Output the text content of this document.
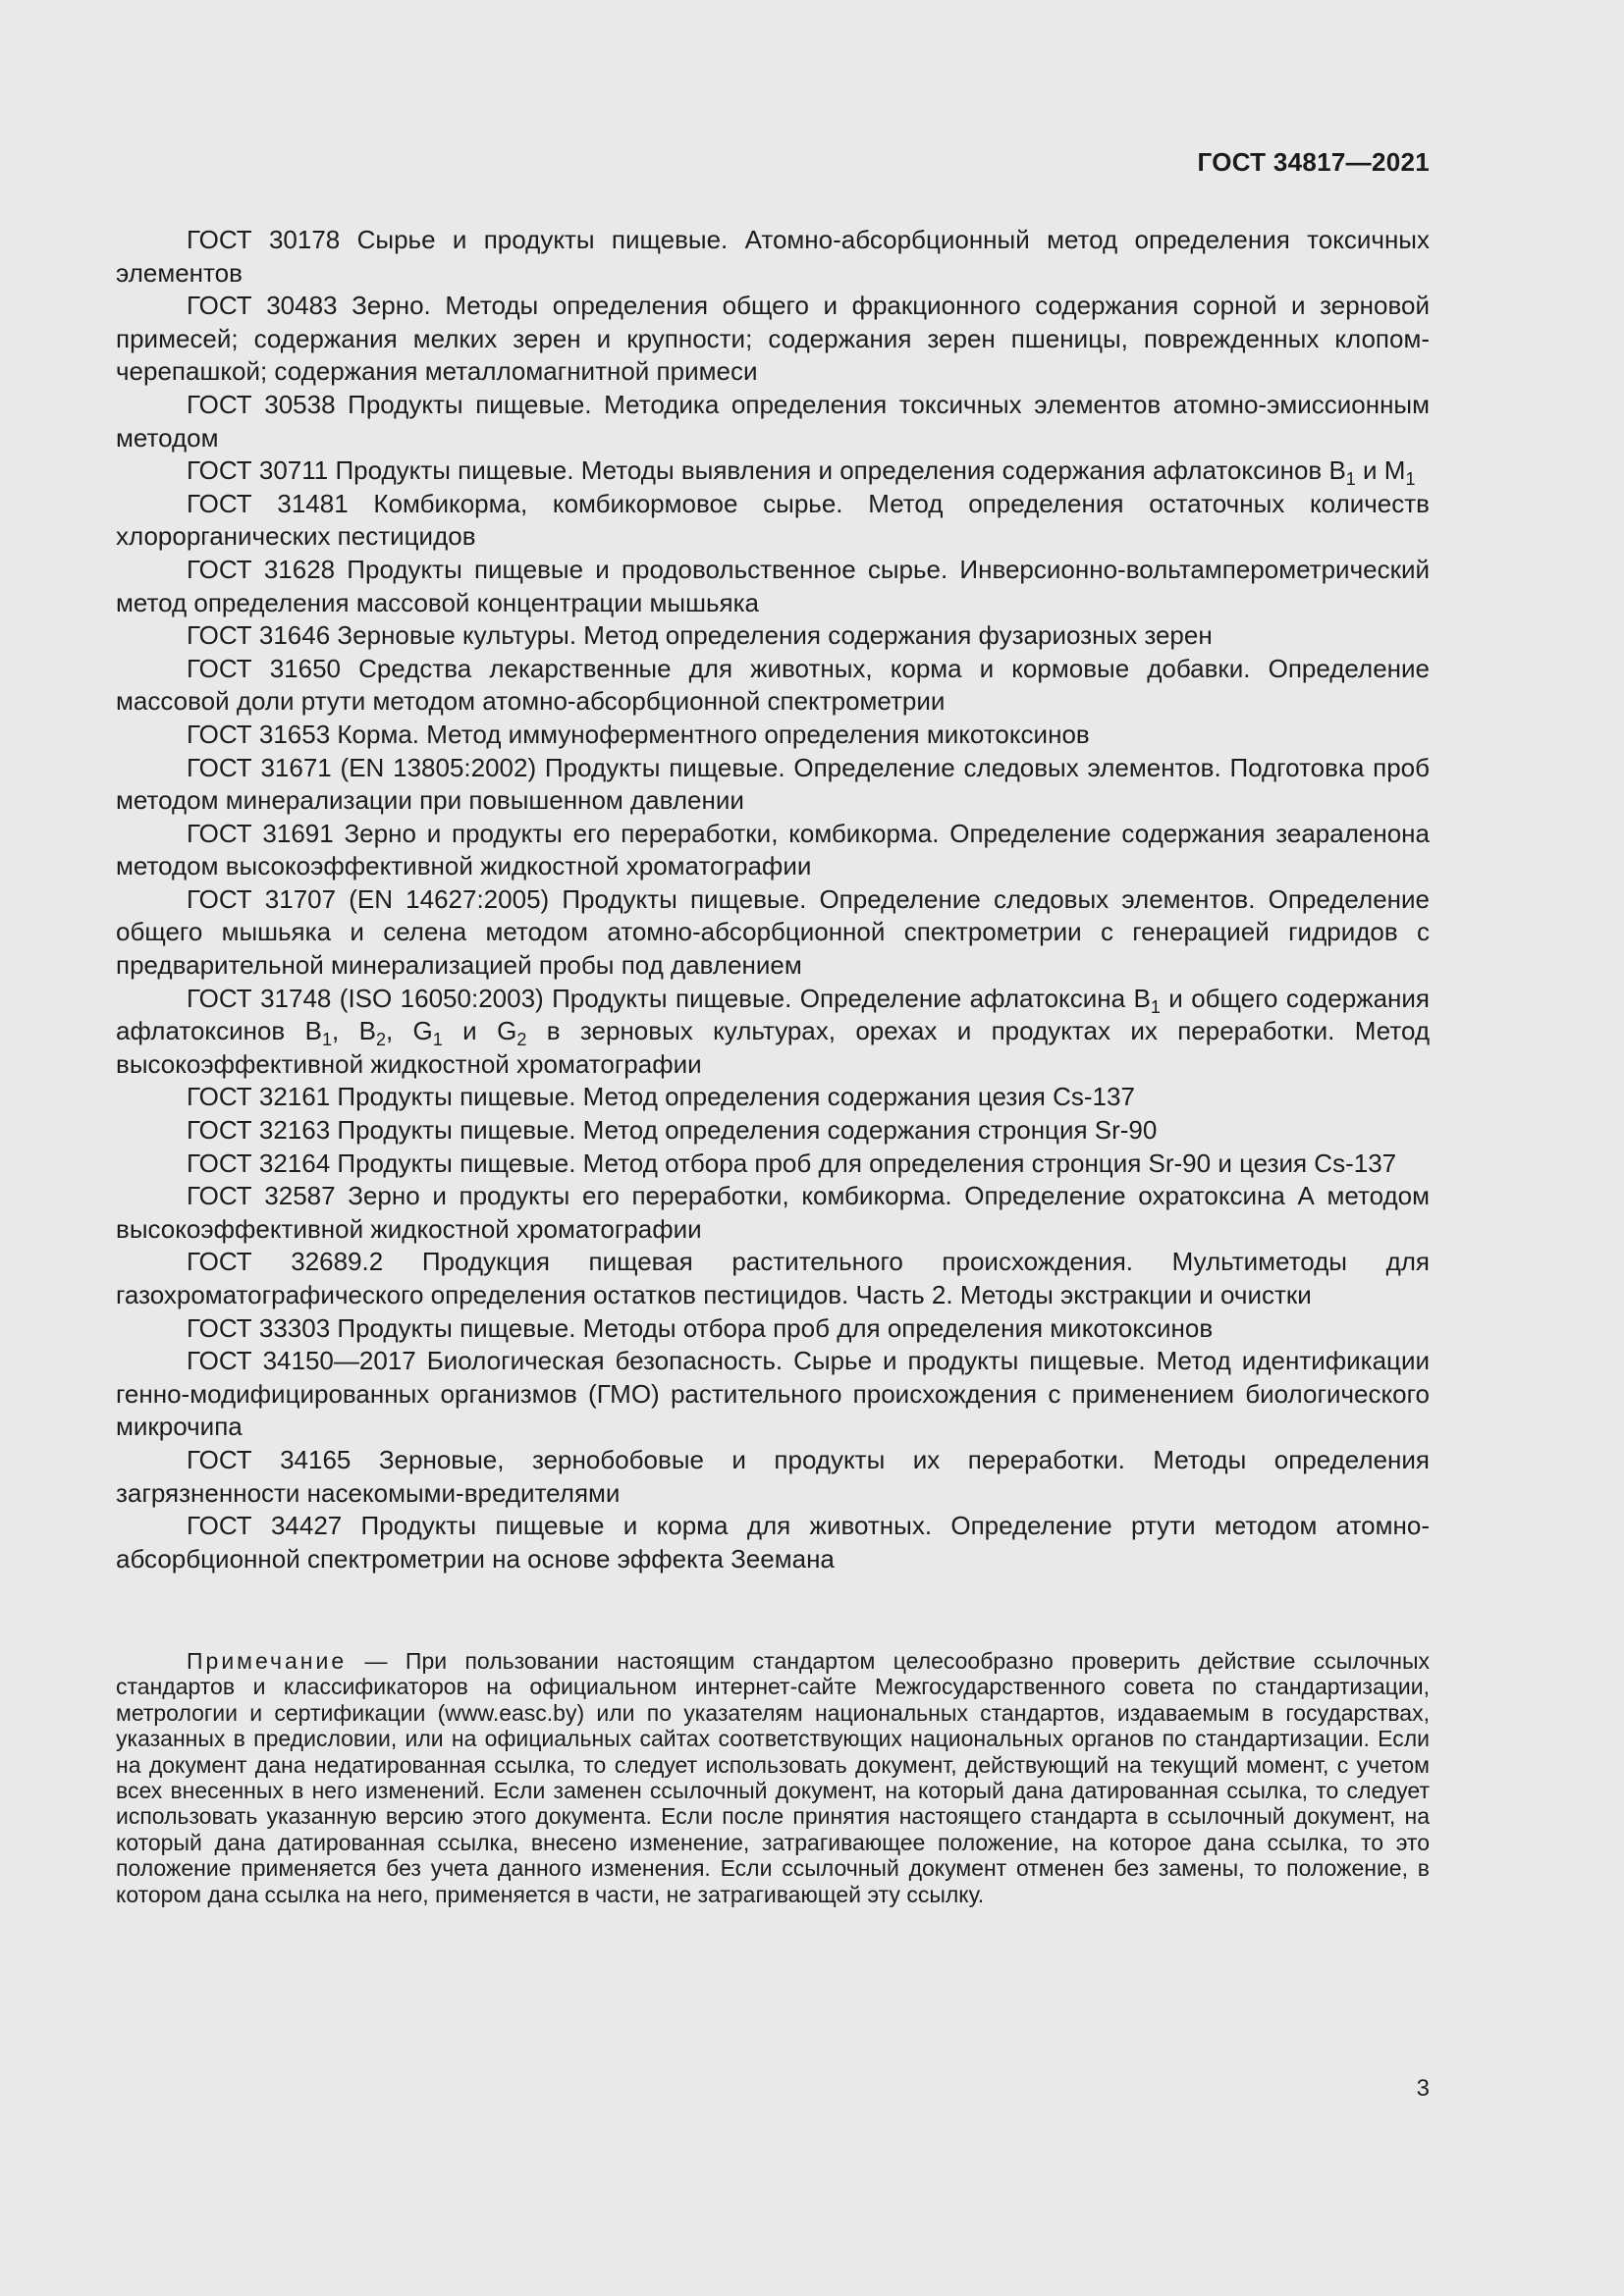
ГОСТ 34817—2021

ГОСТ 30178 Сырье и продукты пищевые. Атомно-абсорбционный метод определения токсичных элементов

ГОСТ 30483 Зерно. Методы определения общего и фракционного содержания сорной и зерновой примесей; содержания мелких зерен и крупности; содержания зерен пшеницы, поврежденных клопом-черепашкой; содержания металломагнитной примеси

ГОСТ 30538 Продукты пищевые. Методика определения токсичных элементов атомно-эмиссионным методом

ГОСТ 30711 Продукты пищевые. Методы выявления и определения содержания афлатоксинов $В_1$ и $М_1$

ГОСТ 31481 Комбикорма, комбикормовое сырье. Метод определения остаточных количеств хлорорганических пестицидов

ГОСТ 31628 Продукты пищевые и продовольственное сырье. Инверсионно-вольтамперометрический метод определения массовой концентрации мышьяка

ГОСТ 31646 Зерновые культуры. Метод определения содержания фузариозных зерен

ГОСТ 31650 Средства лекарственные для животных, корма и кормовые добавки. Определение массовой доли ртути методом атомно-абсорбционной спектрометрии

ГОСТ 31653 Корма. Метод иммуноферментного определения микотоксинов

ГОСТ 31671 (EN 13805:2002) Продукты пищевые. Определение следовых элементов. Подготовка проб методом минерализации при повышенном давлении

ГОСТ 31691 Зерно и продукты его переработки, комбикорма. Определение содержания зеараленона методом высокоэффективной жидкостной хроматографии

ГОСТ 31707 (EN 14627:2005) Продукты пищевые. Определение следовых элементов. Определение общего мышьяка и селена методом атомно-абсорбционной спектрометрии с генерацией гидридов с предварительной минерализацией пробы под давлением

ГОСТ 31748 (ISO 16050:2003) Продукты пищевые. Определение афлатоксина $В_1$ и общего содержания афлатоксинов $В_1$, $В_2$, $G_1$ и $G_2$ в зерновых культурах, орехах и продуктах их переработки. Метод высокоэффективной жидкостной хроматографии

ГОСТ 32161 Продукты пищевые. Метод определения содержания цезия Cs-137

ГОСТ 32163 Продукты пищевые. Метод определения содержания стронция Sr-90

ГОСТ 32164 Продукты пищевые. Метод отбора проб для определения стронция Sr-90 и цезия Cs-137

ГОСТ 32587 Зерно и продукты его переработки, комбикорма. Определение охратоксина А методом высокоэффективной жидкостной хроматографии

ГОСТ 32689.2 Продукция пищевая растительного происхождения. Мультиметоды для газохроматографического определения остатков пестицидов. Часть 2. Методы экстракции и очистки

ГОСТ 33303 Продукты пищевые. Методы отбора проб для определения микотоксинов

ГОСТ 34150—2017 Биологическая безопасность. Сырье и продукты пищевые. Метод идентификации генно-модифицированных организмов (ГМО) растительного происхождения с применением биологического микрочипа

ГОСТ 34165 Зерновые, зернобобовые и продукты их переработки. Методы определения загрязненности насекомыми-вредителями

ГОСТ 34427 Продукты пищевые и корма для животных. Определение ртути методом атомно-абсорбционной спектрометрии на основе эффекта Зеемана

Примечание — При пользовании настоящим стандартом целесообразно проверить действие ссылочных стандартов и классификаторов на официальном интернет-сайте Межгосударственного совета по стандартизации, метрологии и сертификации (www.easc.by) или по указателям национальных стандартов, издаваемым в государствах, указанных в предисловии, или на официальных сайтах соответствующих национальных органов по стандартизации. Если на документ дана недатированная ссылка, то следует использовать документ, действующий на текущий момент, с учетом всех внесенных в него изменений. Если заменен ссылочный документ, на который дана датированная ссылка, то следует использовать указанную версию этого документа. Если после принятия настоящего стандарта в ссылочный документ, на который дана датированная ссылка, внесено изменение, затрагивающее положение, на которое дана ссылка, то это положение применяется без учета данного изменения. Если ссылочный документ отменен без замены, то положение, в котором дана ссылка на него, применяется в части, не затрагивающей эту ссылку.
3
